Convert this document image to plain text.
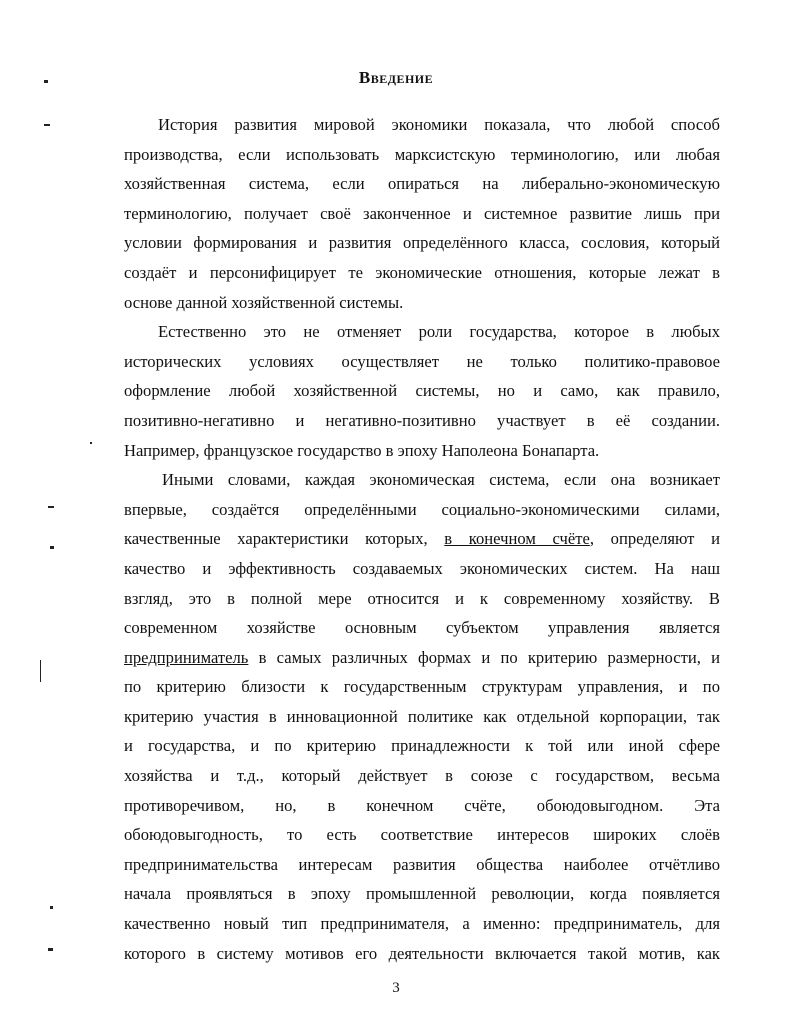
Введение
История развития мировой экономики показала, что любой способ
производства, если использовать марксистскую терминологию, или любая
хозяйственная система, если опираться на либерально-экономическую
терминологию, получает своё законченное и системное развитие лишь при
условии формирования и развития определённого класса, сословия, который
создаёт и персонифицирует те экономические отношения, которые лежат в
основе данной хозяйственной системы.
Естественно это не отменяет роли государства, которое в любых
исторических условиях осуществляет не только политико-правовое
оформление любой хозяйственной системы, но и само, как правило,
позитивно-негативно и негативно-позитивно участвует в её создании.
Например, французское государство в эпоху Наполеона Бонапарта.
Иными словами, каждая экономическая система, если она возникает
впервые, создаётся определёнными социально-экономическими силами,
качественные характеристики которых, в конечном счёте, определяют и
качество и эффективность создаваемых экономических систем. На наш
взгляд, это в полной мере относится и к современному хозяйству. В
современном хозяйстве основным субъектом управления является
предприниматель в самых различных формах и по критерию размерности, и
по критерию близости к государственным структурам управления, и по
критерию участия в инновационной политике как отдельной корпорации, так
и государства, и по критерию принадлежности к той или иной сфере
хозяйства и т.д., который действует в союзе с государством, весьма
противоречивом, но, в конечном счёте, обоюдовыгодном. Эта
обоюдовыгодность, то есть соответствие интересов широких слоёв
предпринимательства интересам развития общества наиболее отчётливо
начала проявляться в эпоху промышленной революции, когда появляется
качественно новый тип предпринимателя, а именно: предприниматель, для
которого в систему мотивов его деятельности включается такой мотив, как
3
